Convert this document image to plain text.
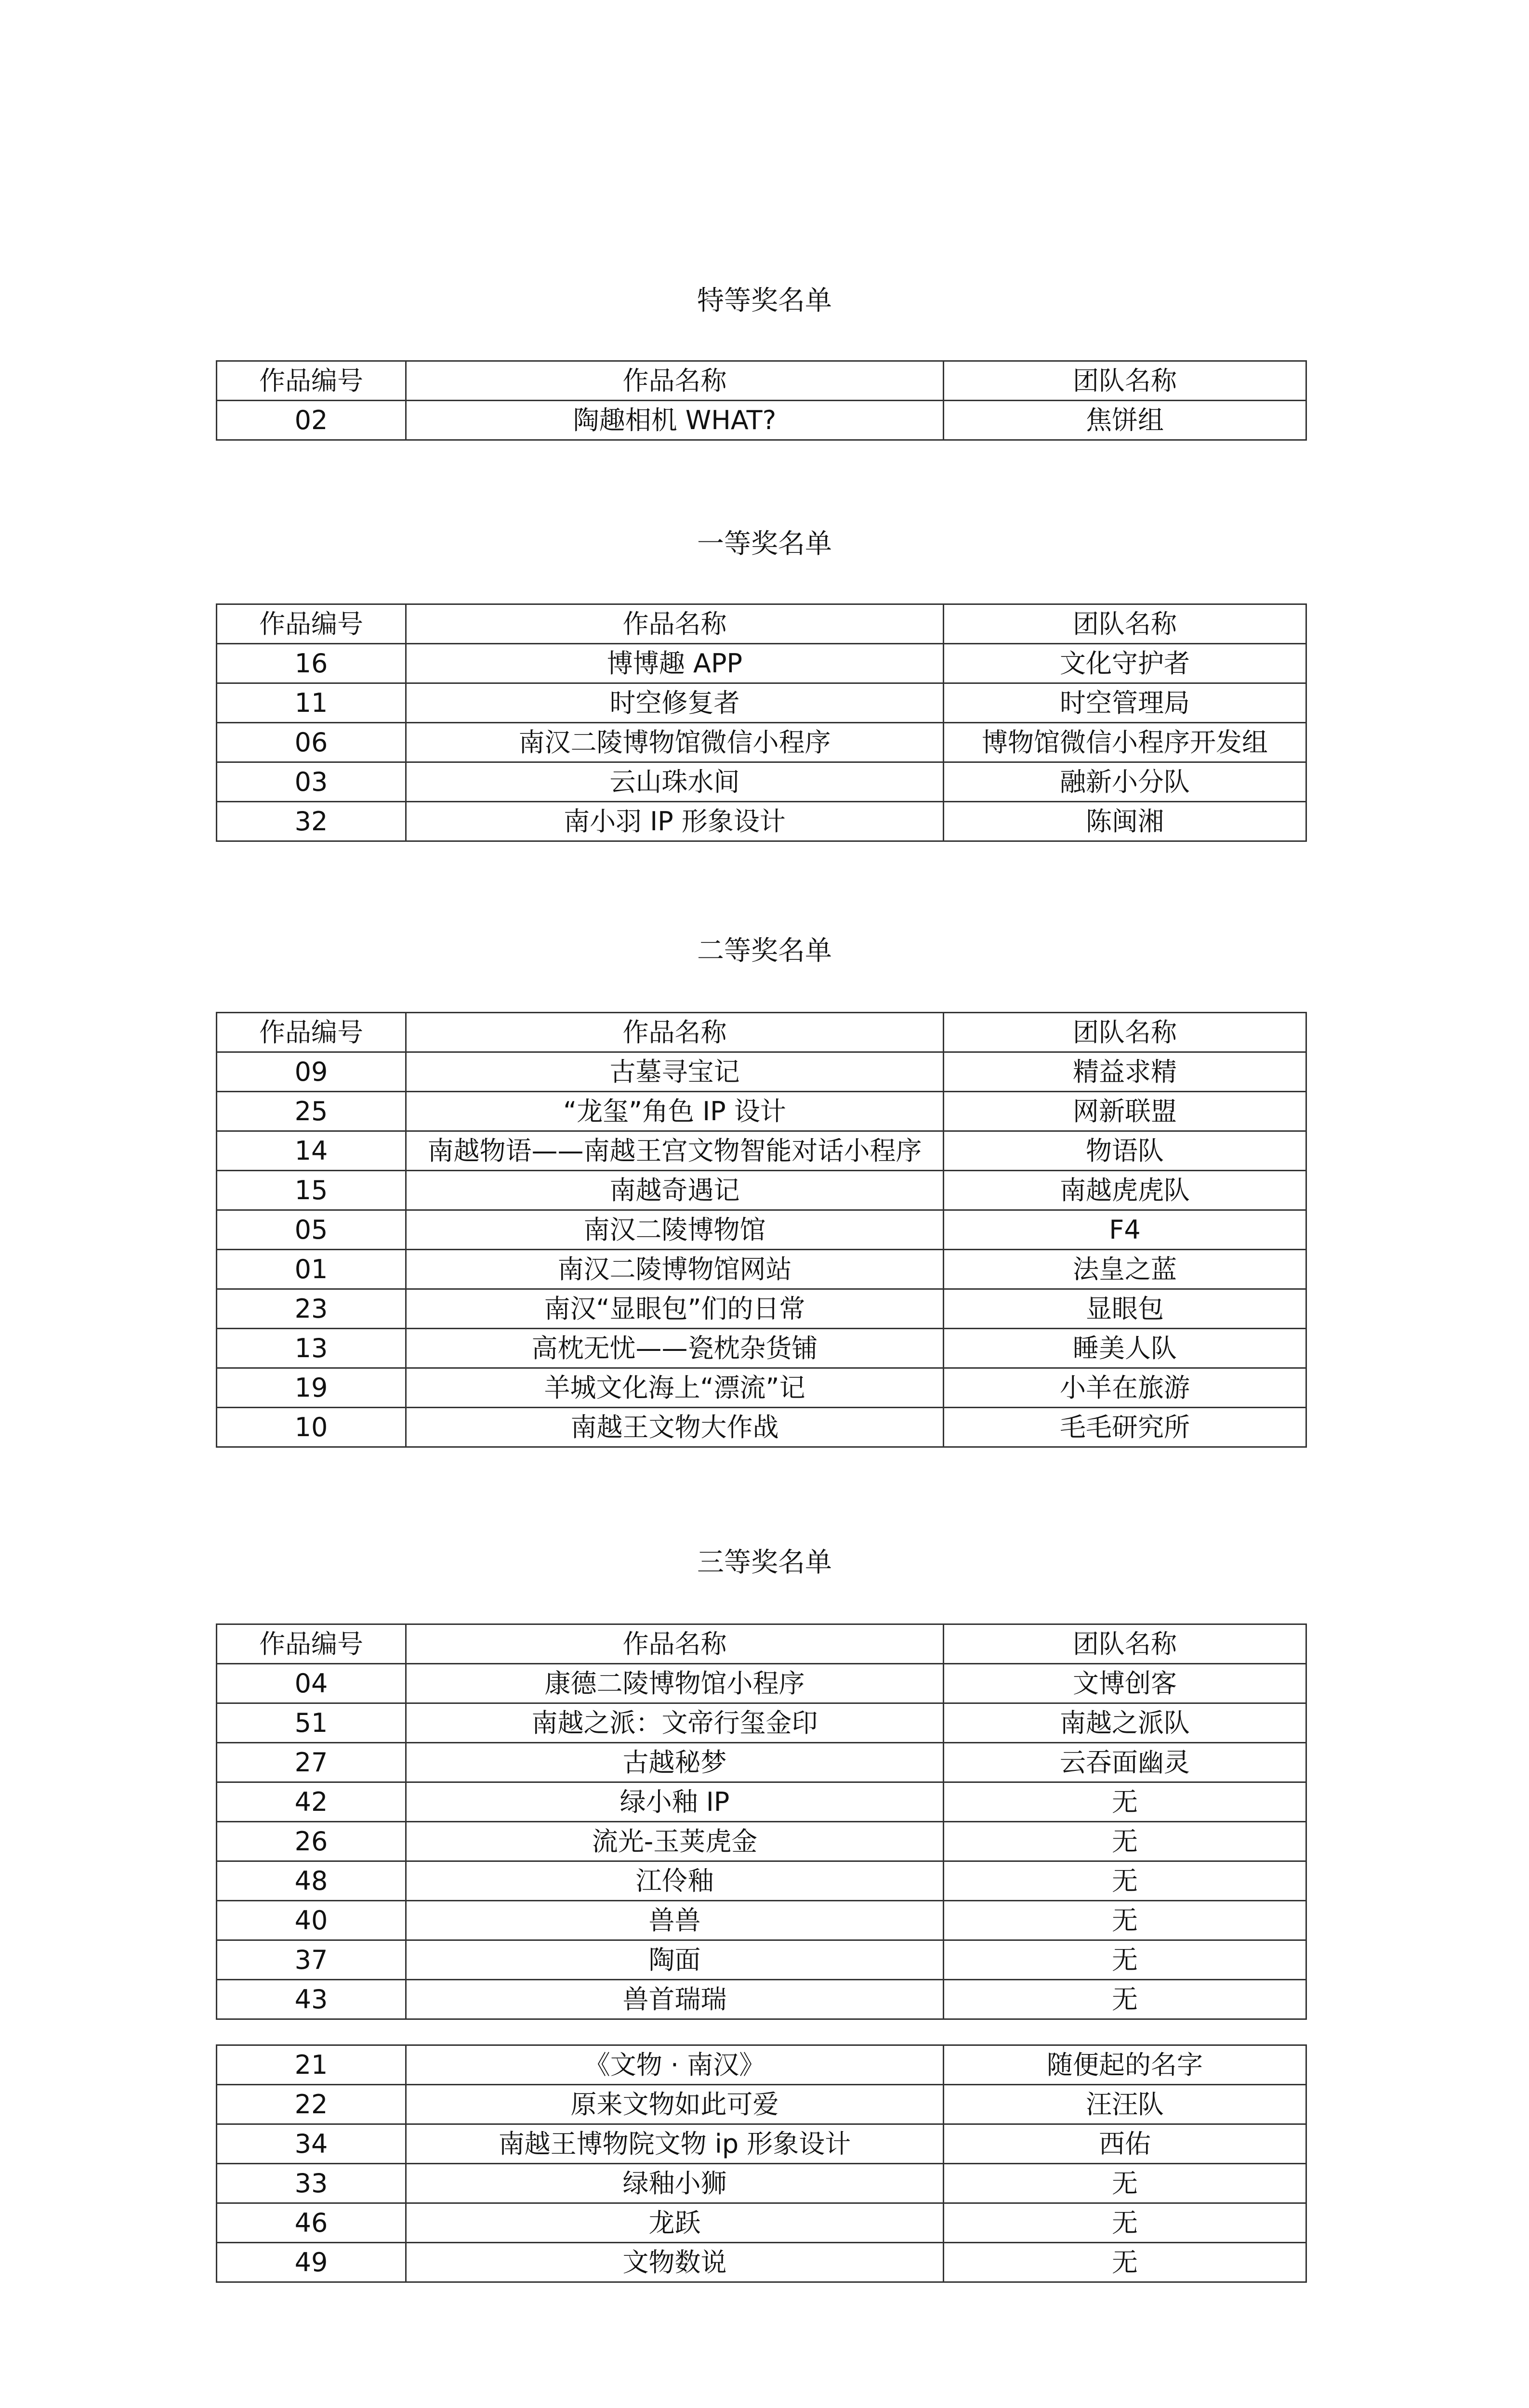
特等奖名单
作品编号	作品名称	团队名称
02	陶趣相机 WHAT?	焦饼组
一等奖名单
作品编号	作品名称	团队名称
16	博博趣 APP	文化守护者
11	时空修复者	时空管理局
06	南汉二陵博物馆微信小程序	博物馆微信小程序开发组
03	云山珠水间	融新小分队
32	南小羽 IP 形象设计	陈闽湘
二等奖名单
作品编号	作品名称	团队名称
09	古墓寻宝记	精益求精
25	“龙玺”角色 IP 设计	网新联盟
14	南越物语——南越王宫文物智能对话小程序	物语队
15	南越奇遇记	南越虎虎队
05	南汉二陵博物馆	F4
01	南汉二陵博物馆网站	法皇之蓝
23	南汉“显眼包”们的日常	显眼包
13	高枕无忧——瓷枕杂货铺	睡美人队
19	羊城文化海上“漂流”记	小羊在旅游
10	南越王文物大作战	毛毛研究所
三等奖名单
作品编号	作品名称	团队名称
04	康德二陵博物馆小程序	文博创客
51	南越之派：文帝行玺金印	南越之派队
27	古越秘梦	云吞面幽灵
42	绿小釉 IP	无
26	流光-玉荚虎金	无
48	江伶釉	无
40	兽兽	无
37	陶面	无
43	兽首瑞瑞	无
21	《文物 · 南汉》	随便起的名字
22	原来文物如此可爱	汪汪队
34	南越王博物院文物 ip 形象设计	西佑
33	绿釉小狮	无
46	龙跃	无
49	文物数说	无
